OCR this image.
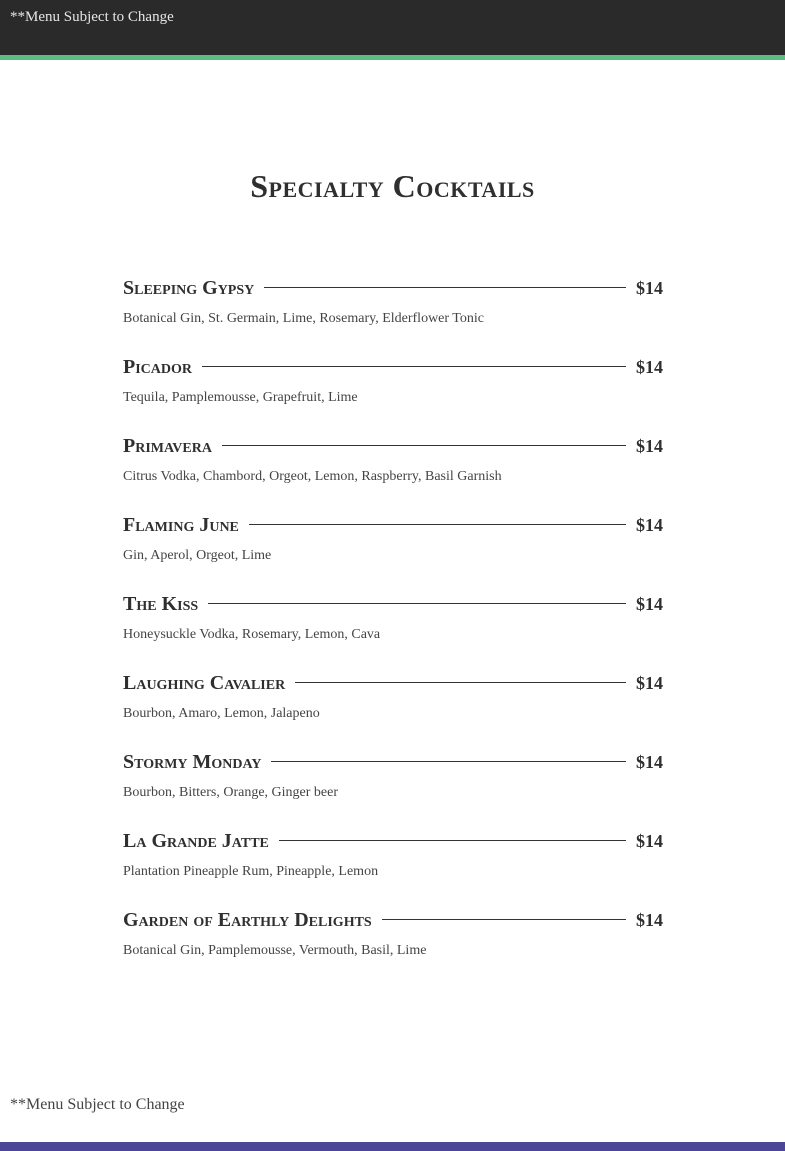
**Menu Subject to Change
Specialty Cocktails
Sleeping Gypsy	$14
Botanical Gin, St. Germain, Lime, Rosemary, Elderflower Tonic
Picador	$14
Tequila, Pamplemousse, Grapefruit, Lime
Primavera	$14
Citrus Vodka, Chambord, Orgeot, Lemon, Raspberry, Basil Garnish
Flaming June	$14
Gin, Aperol, Orgeot, Lime
The Kiss	$14
Honeysuckle Vodka, Rosemary, Lemon, Cava
Laughing Cavalier	$14
Bourbon, Amaro, Lemon, Jalapeno
Stormy Monday	$14
Bourbon, Bitters, Orange, Ginger beer
La Grande Jatte	$14
Plantation Pineapple Rum, Pineapple, Lemon
Garden of Earthly Delights	$14
Botanical Gin, Pamplemousse, Vermouth, Basil, Lime
**Menu Subject to Change
